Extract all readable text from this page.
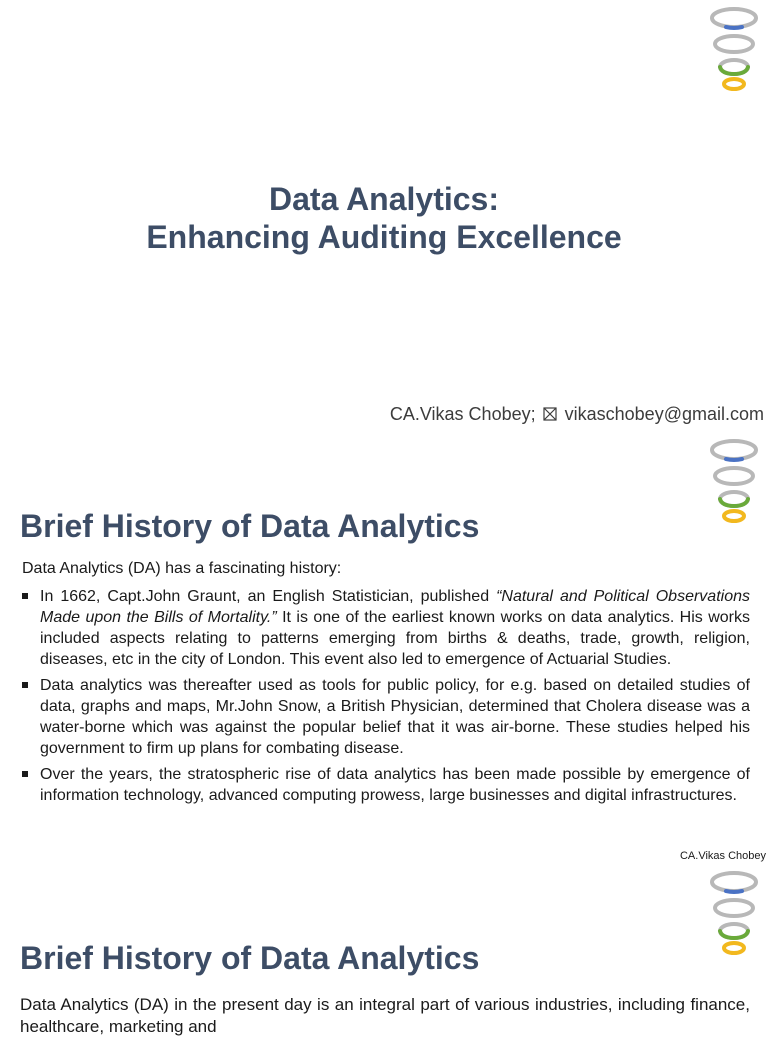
Data Analytics:
Enhancing Auditing Excellence
CA.Vikas Chobey; vikaschobey@gmail.com
Brief History of Data Analytics
Data Analytics (DA) has a fascinating history:
In 1662, Capt.John Graunt, an English Statistician, published “Natural and Political Observations Made upon the Bills of Mortality.” It is one of the earliest known works on data analytics. His works included aspects relating to patterns emerging from births & deaths, trade, growth, religion, diseases, etc in the city of London. This event also led to emergence of Actuarial Studies.
Data analytics was thereafter used as tools for public policy, for e.g. based on detailed studies of data, graphs and maps, Mr.John Snow, a British Physician, determined that Cholera disease was a water-borne which was against the popular belief that it was air-borne. These studies helped his government to firm up plans for combating disease.
Over the years, the stratospheric rise of data analytics has been made possible by emergence of information technology, advanced computing prowess, large businesses and digital infrastructures.
CA.Vikas Chobey
Brief History of Data Analytics
Data Analytics (DA) in the present day is an integral part of various industries, including finance, healthcare, marketing and
